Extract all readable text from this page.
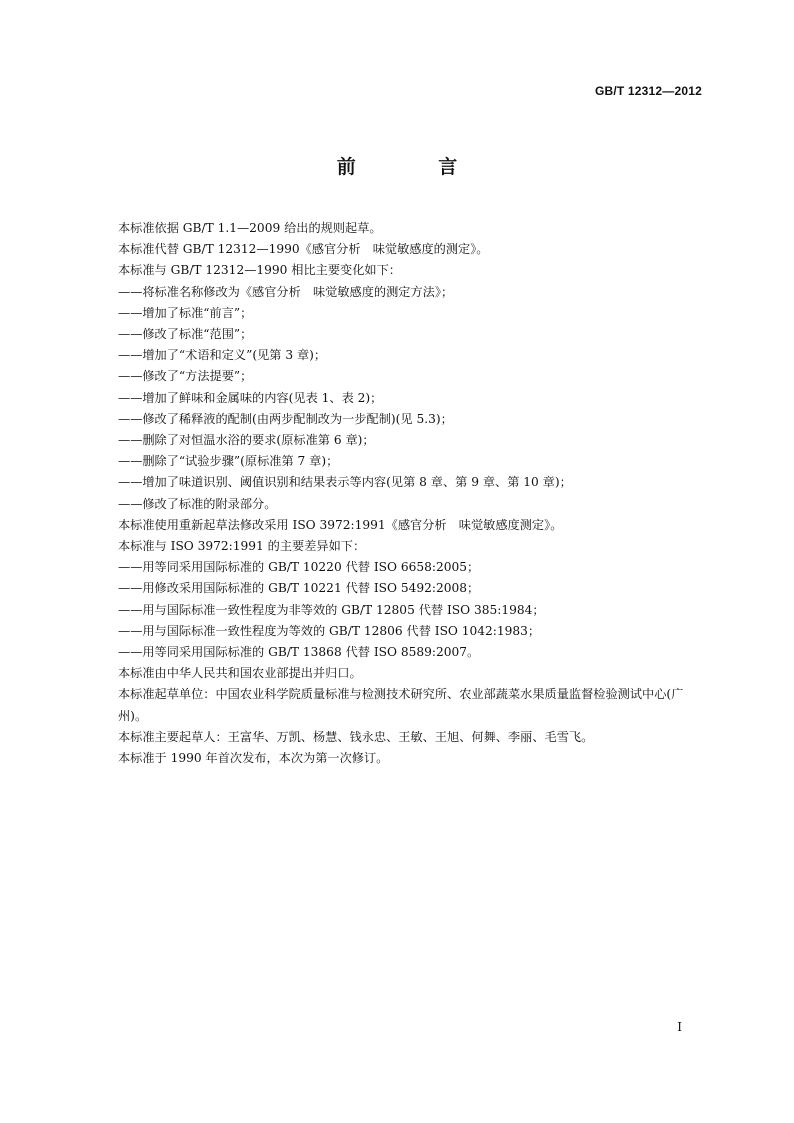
GB/T 12312—2012
前 言

本标准依据 GB/T 1.1—2009 给出的规则起草。

本标准代替 GB/T 12312—1990《感官分析　味觉敏感度的测定》。

本标准与 GB/T 12312—1990 相比主要变化如下：

——将标准名称修改为《感官分析　味觉敏感度的测定方法》；

——增加了标准“前言”；

——修改了标准“范围”；

——增加了“术语和定义”(见第 3 章)；

——修改了“方法提要”；

——增加了鲜味和金属味的内容(见表 1、表 2)；

——修改了稀释液的配制(由两步配制改为一步配制)(见 5.3)；

——删除了对恒温水浴的要求(原标准第 6 章)；

——删除了“试验步骤”(原标准第 7 章)；

——增加了味道识别、阈值识别和结果表示等内容(见第 8 章、第 9 章、第 10 章)；

——修改了标准的附录部分。

本标准使用重新起草法修改采用 ISO 3972:1991《感官分析　味觉敏感度测定》。

本标准与 ISO 3972:1991 的主要差异如下：

——用等同采用国际标准的 GB/T 10220 代替 ISO 6658:2005；

——用修改采用国际标准的 GB/T 10221 代替 ISO 5492:2008；

——用与国际标准一致性程度为非等效的 GB/T 12805 代替 ISO 385:1984；

——用与国际标准一致性程度为等效的 GB/T 12806 代替 ISO 1042:1983；

——用等同采用国际标准的 GB/T 13868 代替 ISO 8589:2007。

本标准由中华人民共和国农业部提出并归口。

本标准起草单位：中国农业科学院质量标准与检测技术研究所、农业部蔬菜水果质量监督检验测试中心(广州)。

本标准主要起草人：王富华、万凯、杨慧、钱永忠、王敏、王旭、何舞、李丽、毛雪飞。

本标准于 1990 年首次发布，本次为第一次修订。

I
